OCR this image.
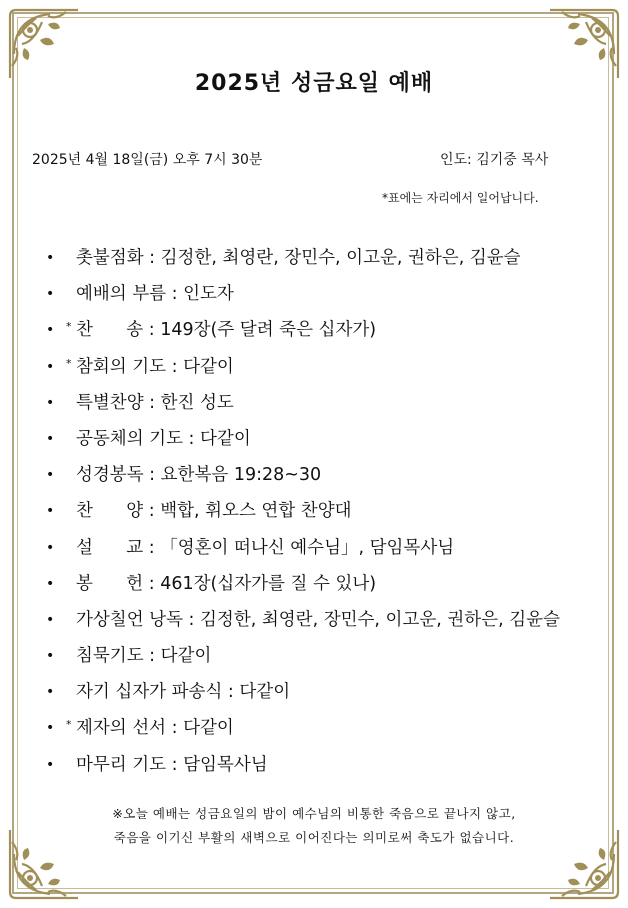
2025년 성금요일 예배
2025년 4월 18일(금) 오후 7시 30분	인도: 김기중 목사
*표에는 자리에서 일어납니다.
• 촛불점화 : 김정한, 최영란, 장민수, 이고운, 권하은, 김윤슬
• 예배의 부름 : 인도자
• * 찬      송 : 149장(주 달려 죽은 십자가)
• * 참회의 기도 : 다같이
• 특별찬양 : 한진 성도
• 공동체의 기도 : 다같이
• 성경봉독 : 요한복음 19:28~30
• 찬      양 : 백합, 휘오스 연합 찬양대
• 설      교 : 「영혼이 떠나신 예수님」, 담임목사님
• 봉      헌 : 461장(십자가를 질 수 있나)
• 가상칠언 낭독 : 김정한, 최영란, 장민수, 이고운, 권하은, 김윤슬
• 침묵기도 : 다같이
• 자기 십자가 파송식 : 다같이
• * 제자의 선서 : 다같이
• 마무리 기도 : 담임목사님
※오늘 예배는 성금요일의 밤이 예수님의 비통한 죽음으로 끝나지 않고,
죽음을 이기신 부활의 새벽으로 이어진다는 의미로써 축도가 없습니다.
